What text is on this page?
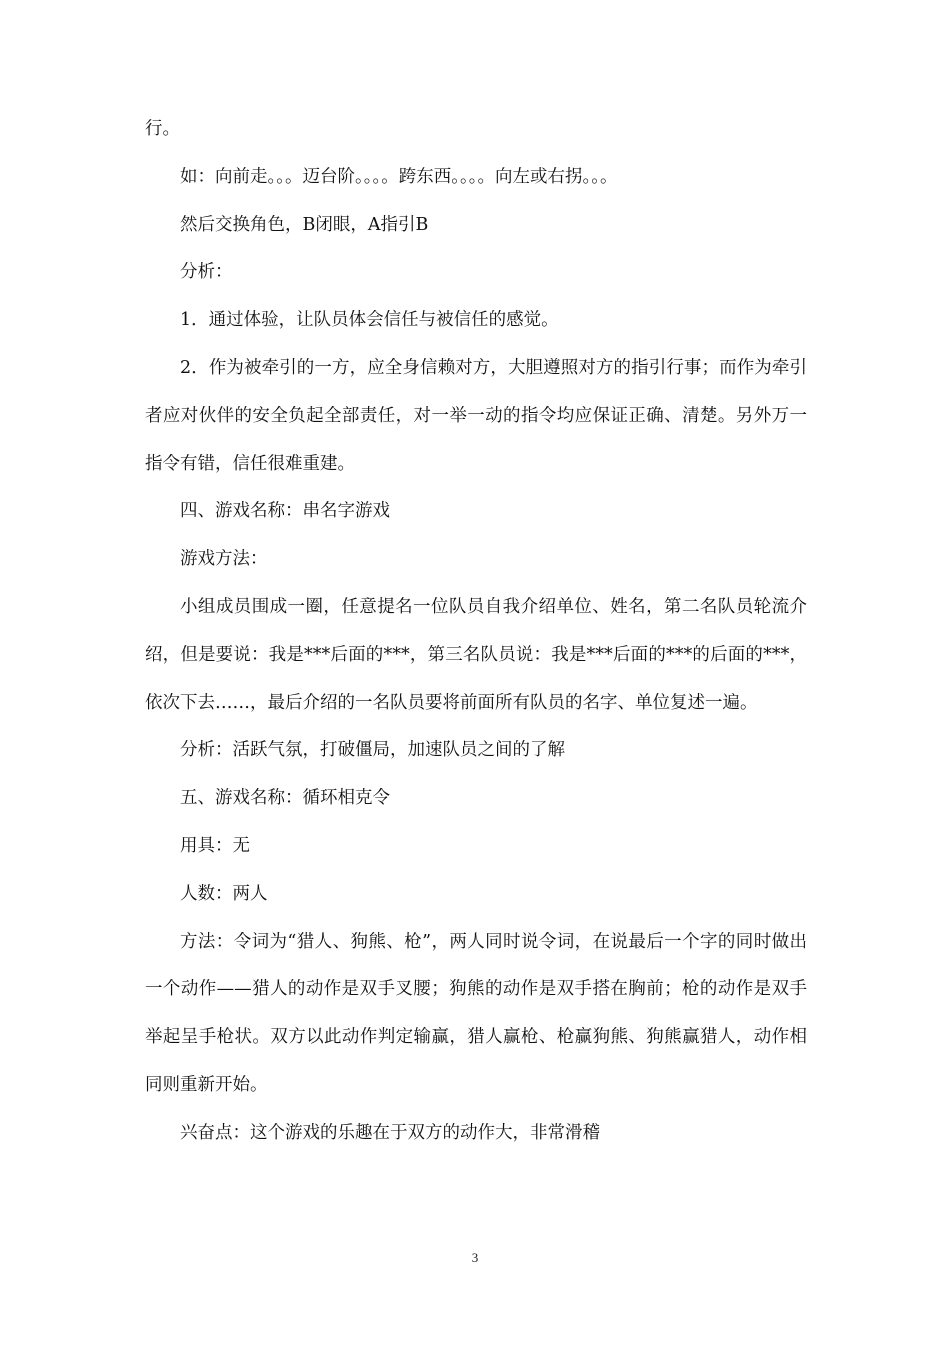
行。

如：向前走。。。迈台阶。。。。跨东西。。。。向左或右拐。。。

然后交换角色，B闭眼，A指引B

分析：

1．通过体验，让队员体会信任与被信任的感觉。

2．作为被牵引的一方，应全身信赖对方，大胆遵照对方的指引行事；而作为牵引者应对伙伴的安全负起全部责任，对一举一动的指令均应保证正确、清楚。另外万一指令有错，信任很难重建。

四、游戏名称：串名字游戏

游戏方法：

小组成员围成一圈，任意提名一位队员自我介绍单位、姓名，第二名队员轮流介绍，但是要说：我是***后面的***，第三名队员说：我是***后面的***的后面的***，依次下去……，最后介绍的一名队员要将前面所有队员的名字、单位复述一遍。

分析：活跃气氛，打破僵局，加速队员之间的了解

五、游戏名称：循环相克令

用具：无

人数：两人

方法：令词为“猎人、狗熊、枪”，两人同时说令词，在说最后一个字的同时做出一个动作——猎人的动作是双手叉腰；狗熊的动作是双手搭在胸前；枪的动作是双手举起呈手枪状。双方以此动作判定输赢，猎人赢枪、枪赢狗熊、狗熊赢猎人，动作相同则重新开始。

兴奋点：这个游戏的乐趣在于双方的动作大，非常滑稽

3
